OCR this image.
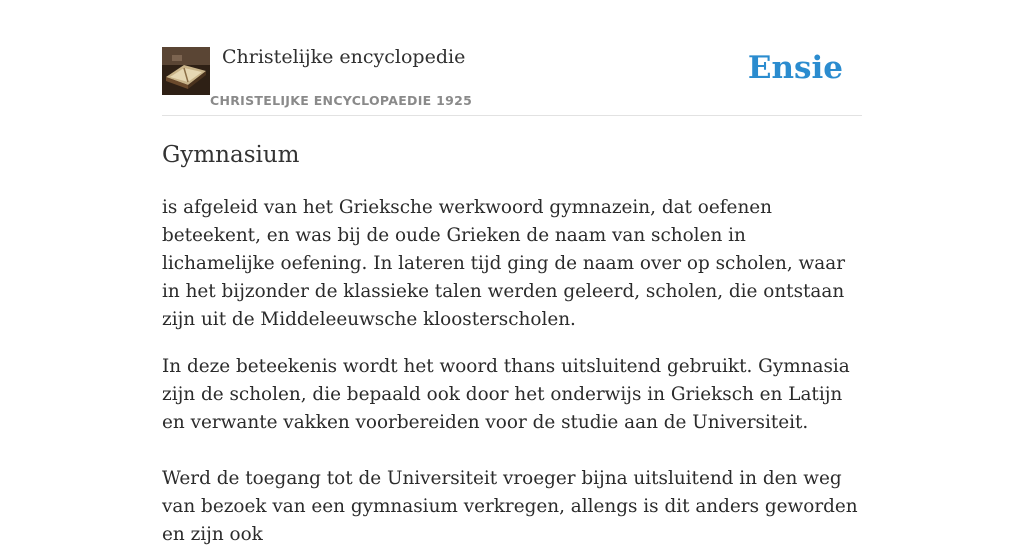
Christelijke encyclopedie
CHRISTELIJKE ENCYCLOPAEDIE 1925
Ensie
Gymnasium

is afgeleid van het Grieksche werkwoord gymnazein, dat oefenen beteekent, en was bij de oude Grieken de naam van scholen in lichamelijke oefening. In lateren tijd ging de naam over op scholen, waar in het bijzonder de klassieke talen werden geleerd, scholen, die ontstaan zijn uit de Middeleeuwsche kloosterscholen.

In deze beteekenis wordt het woord thans uitsluitend gebruikt. Gymnasia zijn de scholen, die bepaald ook door het onderwijs in Grieksch en Latijn en verwante vakken voorbereiden voor de studie aan de Universiteit.

Werd de toegang tot de Universiteit vroeger bijna uitsluitend in den weg van bezoek van een gymnasium verkregen, allengs is dit anders geworden en zijn ook
